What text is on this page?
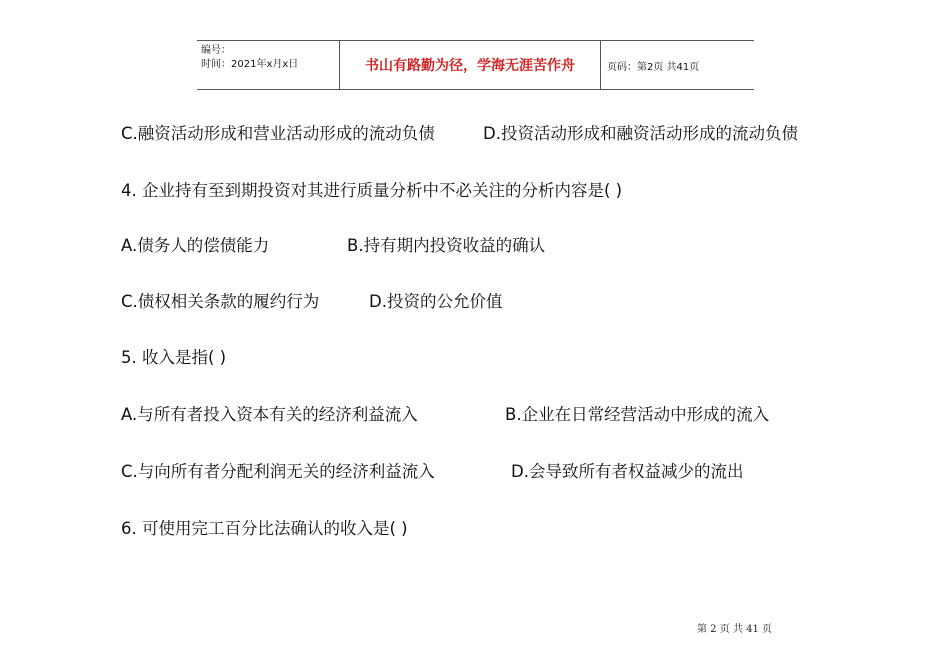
编号：
时间：2021年x月x日	书山有路勤为径，学海无涯苦作舟	页码：第2页 共41页
C.融资活动形成和营业活动形成的流动负债	D.投资活动形成和融资活动形成的流动负债
4. 企业持有至到期投资对其进行质量分析中不必关注的分析内容是( )
A.债务人的偿债能力	B.持有期内投资收益的确认
C.债权相关条款的履约行为	D.投资的公允价值
5. 收入是指( )
A.与所有者投入资本有关的经济利益流入	B.企业在日常经营活动中形成的流入
C.与向所有者分配利润无关的经济利益流入	D.会导致所有者权益减少的流出
6. 可使用完工百分比法确认的收入是( )
第 2 页 共 41 页
